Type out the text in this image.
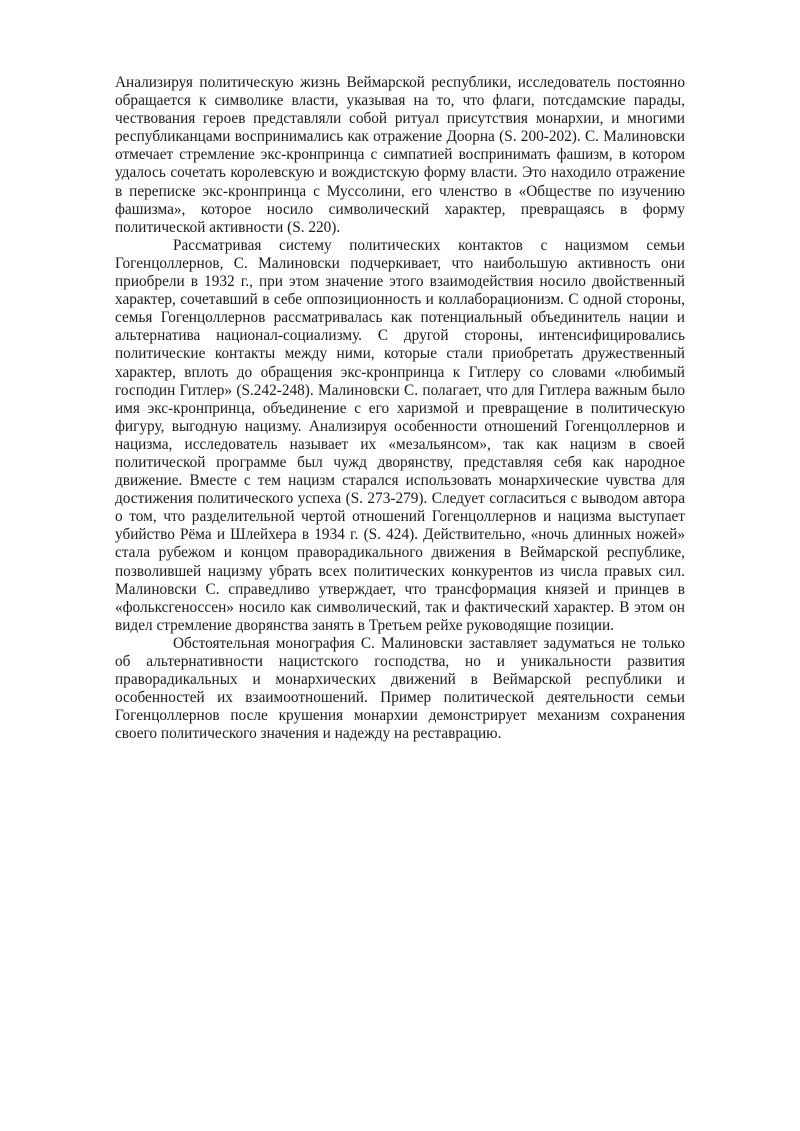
Анализируя политическую жизнь Веймарской республики, исследователь постоянно обращается к символике власти, указывая на то, что флаги, потсдамские парады, чествования героев представляли собой ритуал присутствия монархии, и многими республиканцами воспринимались как отражение Доорна (S. 200-202). С. Малиновски отмечает стремление экс-кронпринца с симпатией воспринимать фашизм, в котором удалось сочетать королевскую и вождистскую форму власти. Это находило отражение в переписке экс-кронпринца с Муссолини, его членство в «Обществе по изучению фашизма», которое носило символический характер, превращаясь в форму политической активности (S. 220).

Рассматривая систему политических контактов с нацизмом семьи Гогенцоллернов, С. Малиновски подчеркивает, что наибольшую активность они приобрели в 1932 г., при этом значение этого взаимодействия носило двойственный характер, сочетавший в себе оппозиционность и коллаборационизм. С одной стороны, семья Гогенцоллернов рассматривалась как потенциальный объединитель нации и альтернатива национал-социализму. С другой стороны, интенсифицировались политические контакты между ними, которые стали приобретать дружественный характер, вплоть до обращения экс-кронпринца к Гитлеру со словами «любимый господин Гитлер» (S.242-248). Малиновски С. полагает, что для Гитлера важным было имя экс-кронпринца, объединение с его харизмой и превращение в политическую фигуру, выгодную нацизму. Анализируя особенности отношений Гогенцоллернов и нацизма, исследователь называет их «мезальянсом», так как нацизм в своей политической программе был чужд дворянству, представляя себя как народное движение. Вместе с тем нацизм старался использовать монархические чувства для достижения политического успеха (S. 273-279). Следует согласиться с выводом автора о том, что разделительной чертой отношений Гогенцоллернов и нацизма выступает убийство Рёма и Шлейхера в 1934 г. (S. 424). Действительно, «ночь длинных ножей» стала рубежом и концом праворадикального движения в Веймарской республике, позволившей нацизму убрать всех политических конкурентов из числа правых сил. Малиновски С. справедливо утверждает, что трансформация князей и принцев в «фольксгеноссен» носило как символический, так и фактический характер. В этом он видел стремление дворянства занять в Третьем рейхе руководящие позиции.

Обстоятельная монография С. Малиновски заставляет задуматься не только об альтернативности нацистского господства, но и уникальности развития праворадикальных и монархических движений в Веймарской республики и особенностей их взаимоотношений. Пример политической деятельности семьи Гогенцоллернов после крушения монархии демонстрирует механизм сохранения своего политического значения и надежду на реставрацию.
